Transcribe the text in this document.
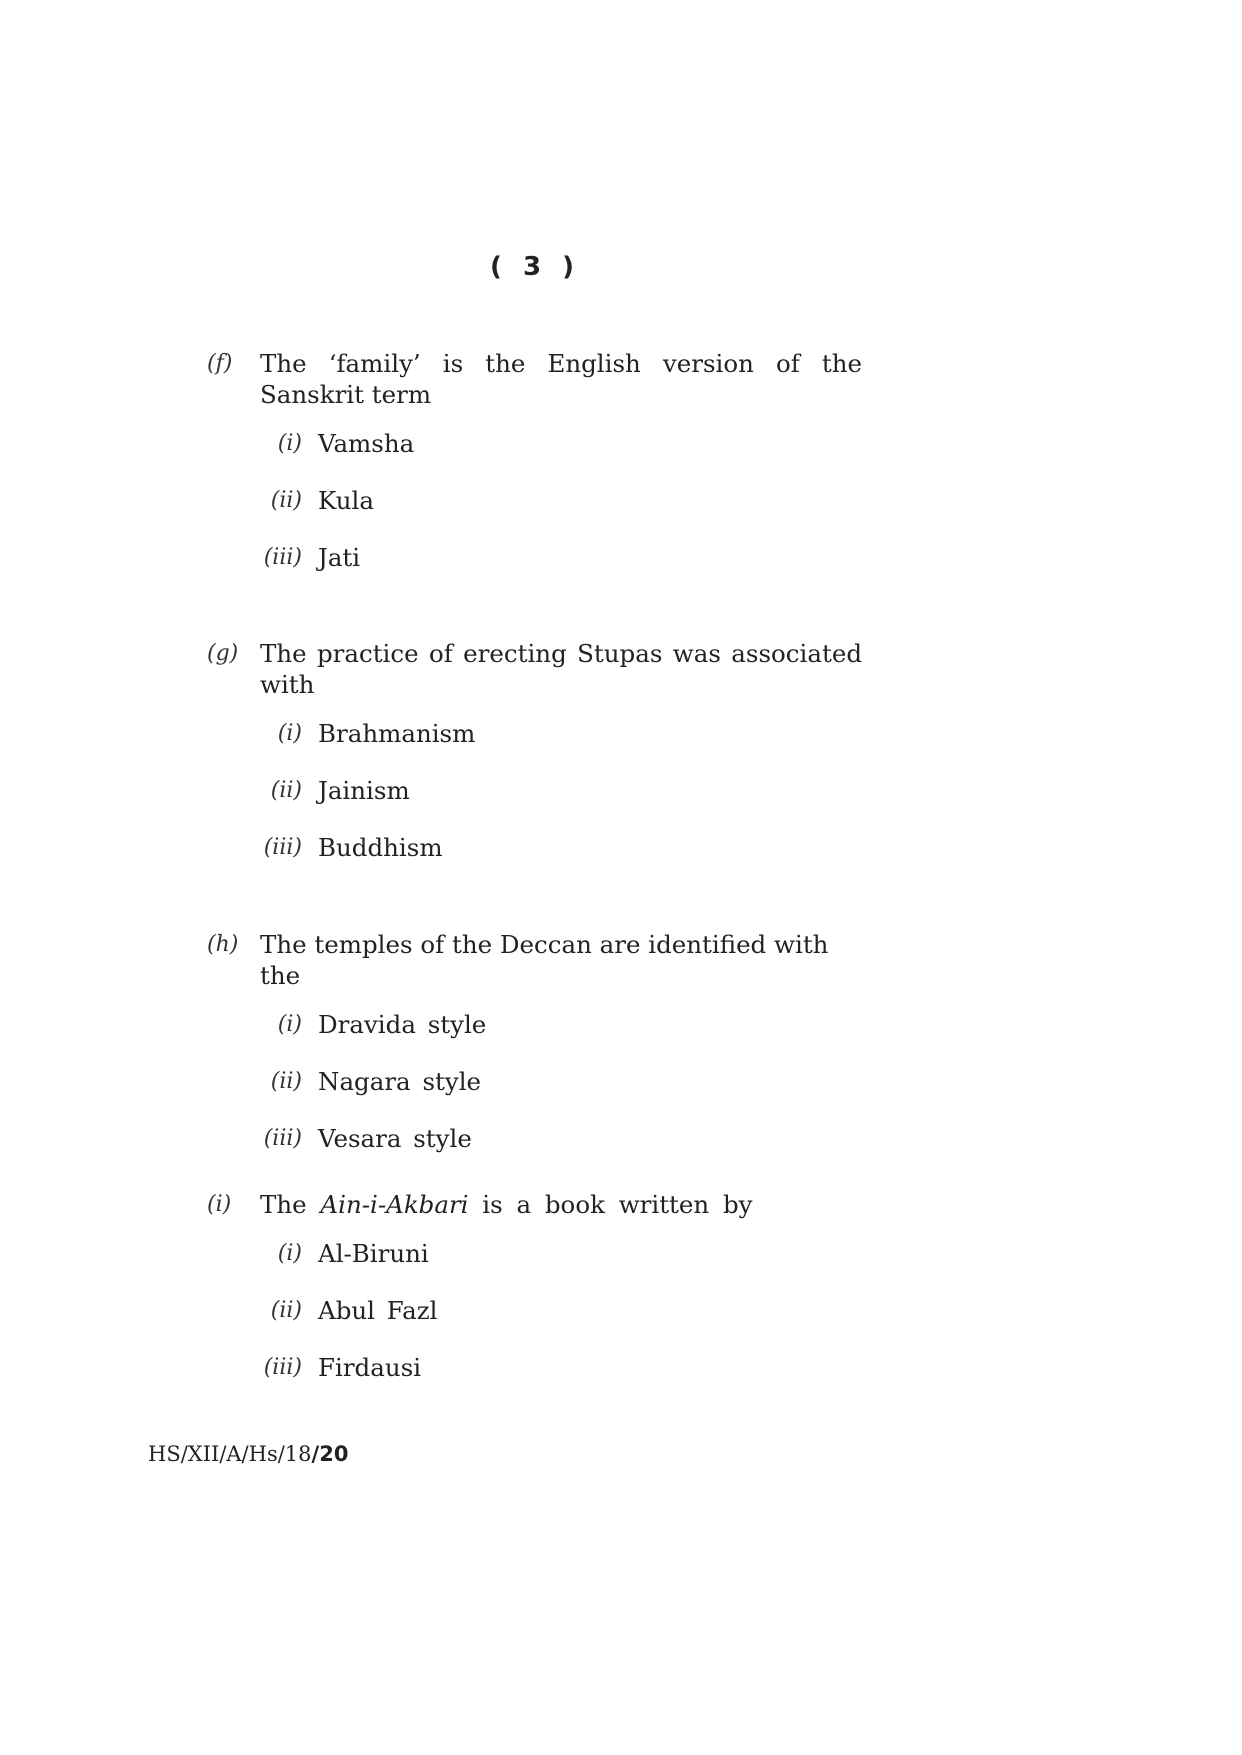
( 3 )
(f) The ‘family’ is the English version of the Sanskrit term
(i) Vamsha
(ii) Kula
(iii) Jati
(g) The practice of erecting Stupas was associated with
(i) Brahmanism
(ii) Jainism
(iii) Buddhism
(h) The temples of the Deccan are identified with the
(i) Dravida style
(ii) Nagara style
(iii) Vesara style
(i) The Ain-i-Akbari is a book written by
(i) Al-Biruni
(ii) Abul Fazl
(iii) Firdausi
HS/XII/A/Hs/18/20
